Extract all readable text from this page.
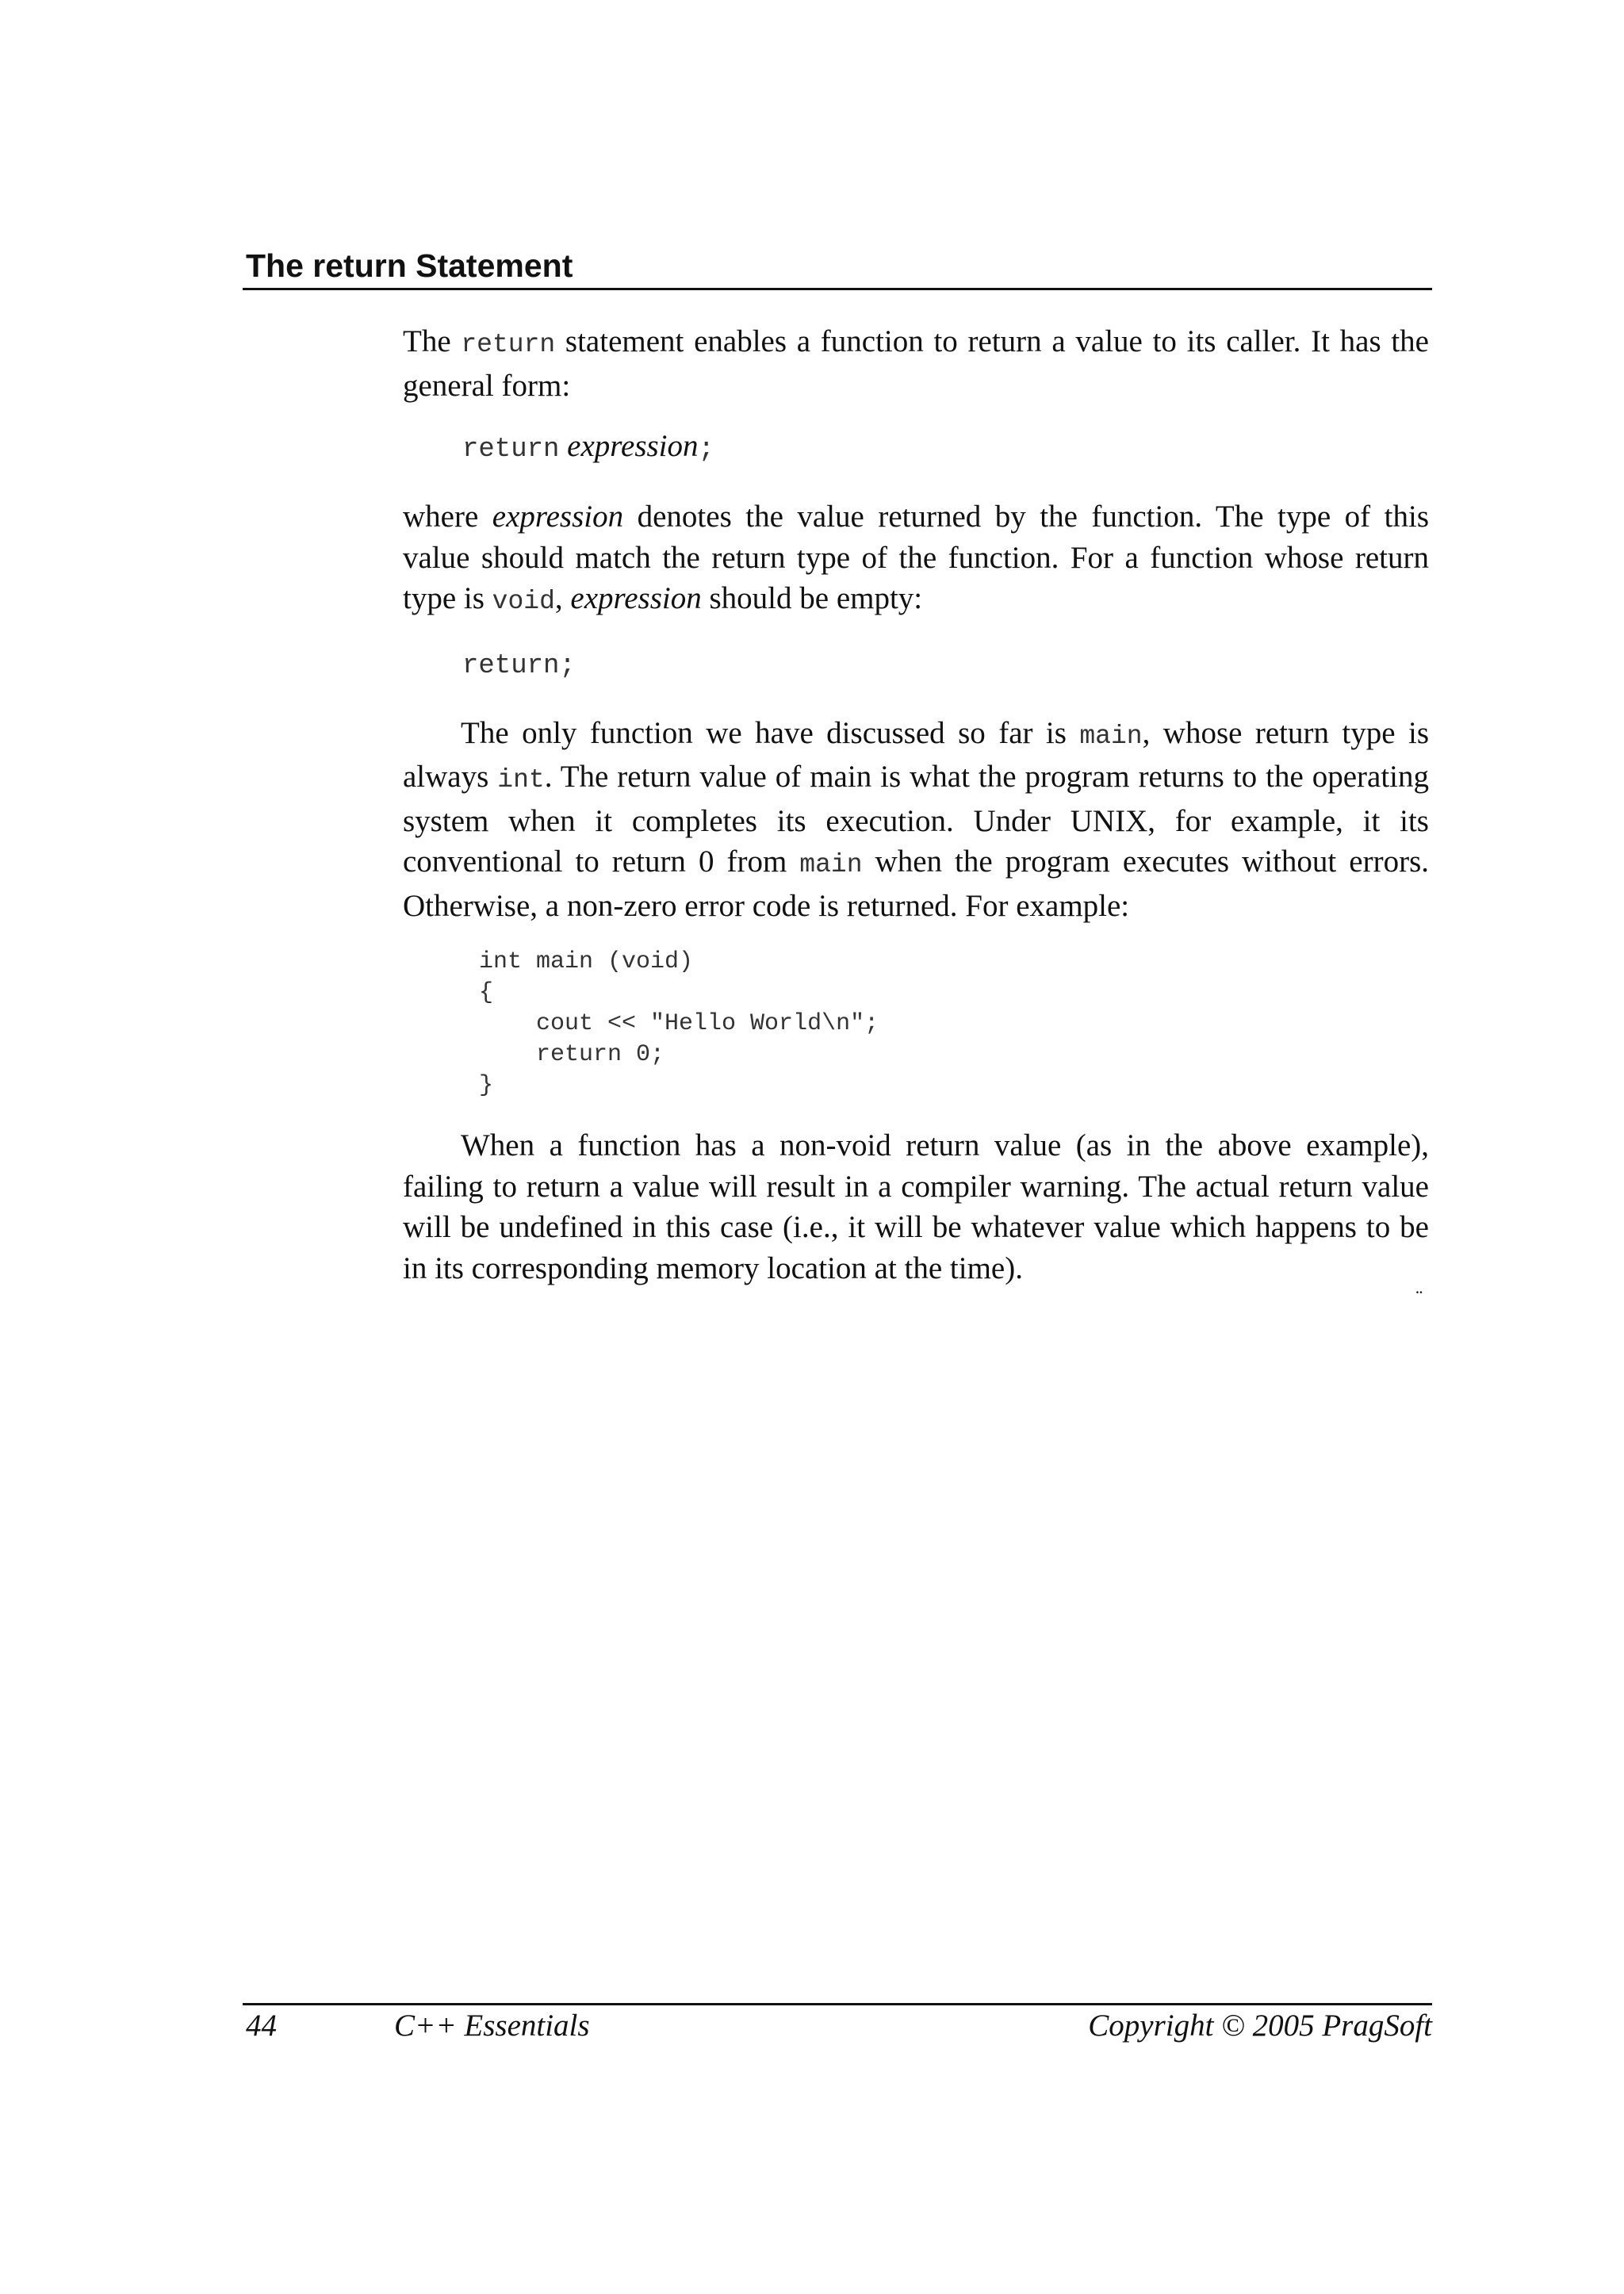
The return Statement

The return statement enables a function to return a value to its caller. It has the general form:

return expression;

where expression denotes the value returned by the function. The type of this value should match the return type of the function. For a function whose return type is void, expression should be empty:

return;

The only function we have discussed so far is main, whose return type is always int. The return value of main is what the program returns to the operating system when it completes its execution. Under UNIX, for example, it its conventional to return 0 from main when the program executes without errors. Otherwise, a non-zero error code is returned. For example:

int main (void)
{
cout << "Hello World\n";
return 0;
}

When a function has a non-void return value (as in the above example), failing to return a value will result in a compiler warning. The actual return value will be undefined in this case (i.e., it will be whatever value which happens to be in its corresponding memory location at the time).

¨
44	C++ Essentials	Copyright © 2005 PragSoft
